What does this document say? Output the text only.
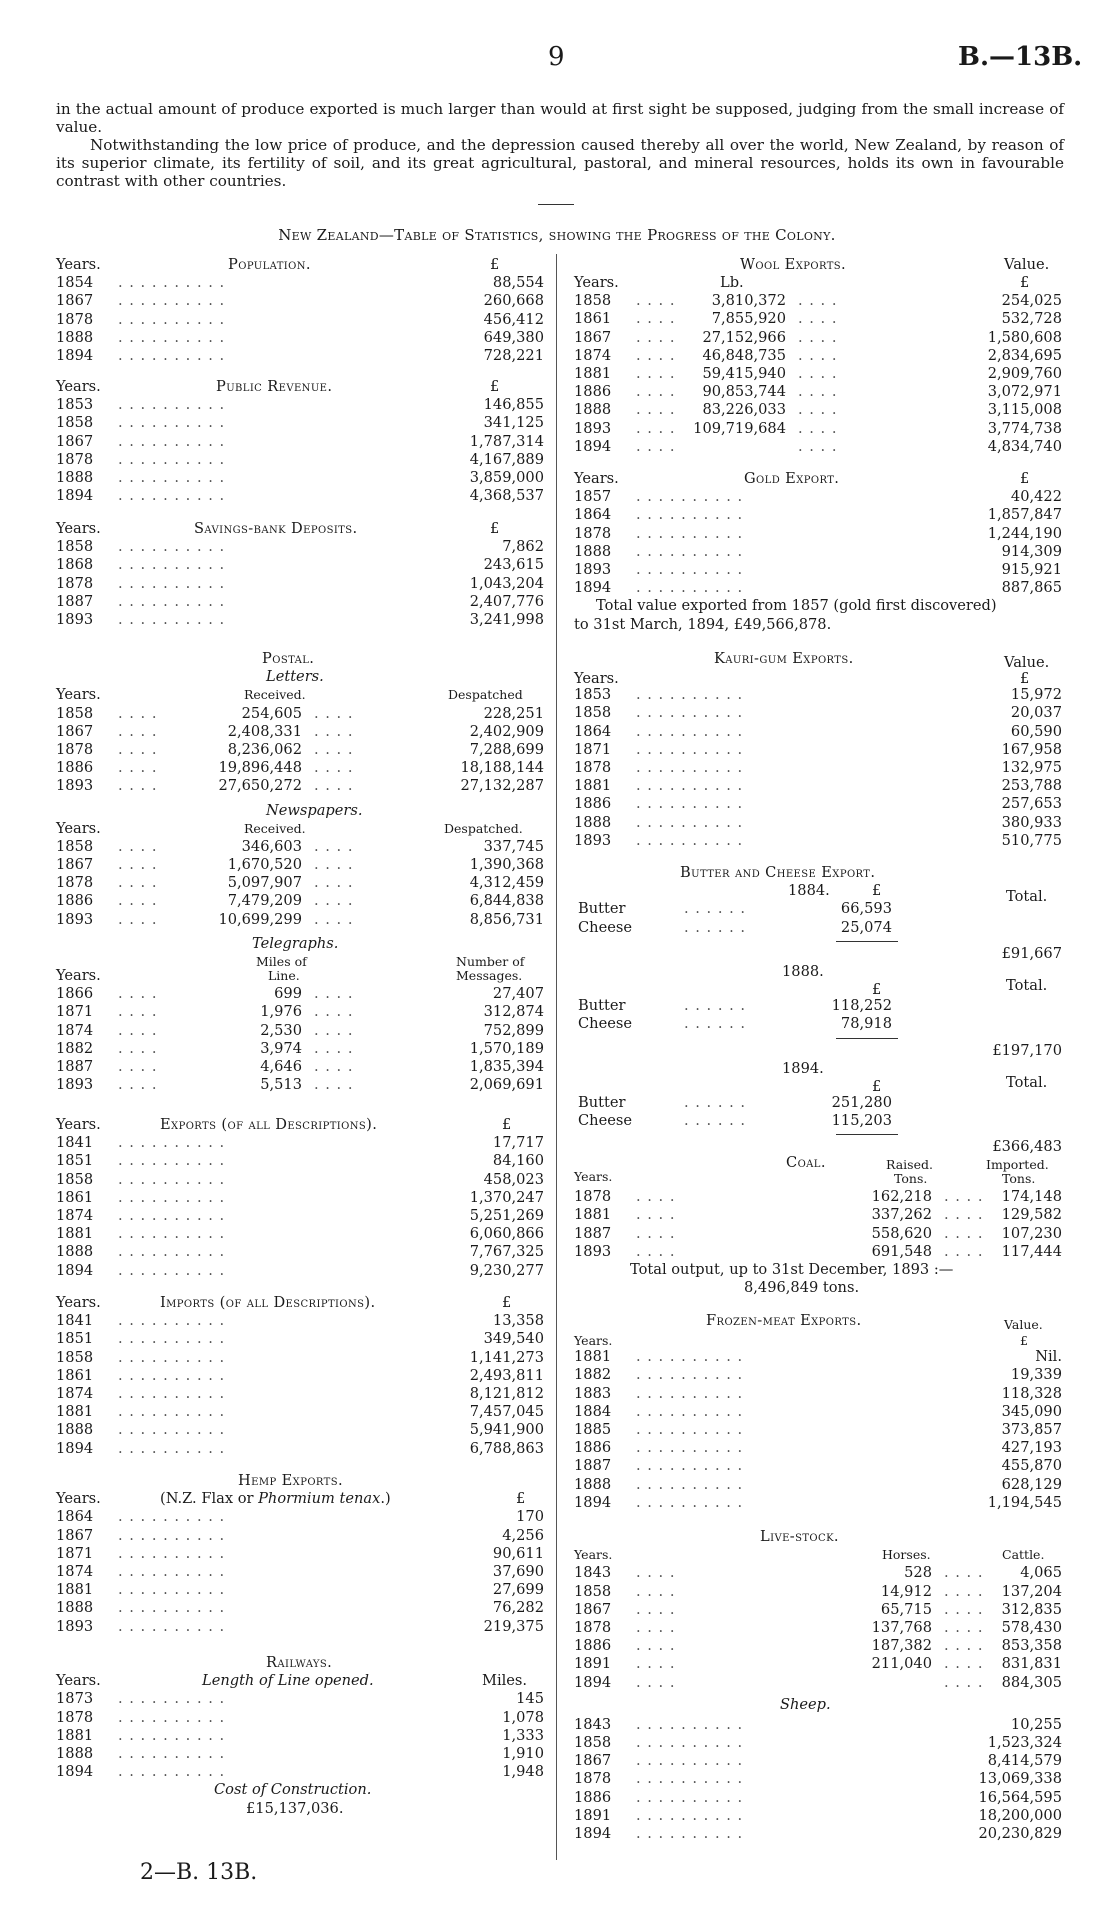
9	B.—13B.

in the actual amount of produce exported is much larger than would at first sight be supposed, judging from the small increase of value.

Notwithstanding the low price of produce, and the depression caused thereby all over the world, New Zealand, by reason of its superior climate, its fertility of soil, and its great agricultural, pastoral, and mineral resources, holds its own in favourable contrast with other countries.

New Zealand—Table of Statistics, showing the Progress of the Colony.
Years.	Population.	£
1854 . . . . . . . . . .	88,554
1867 . . . . . . . . . .	260,668
1878 . . . . . . . . . .	456,412
1888 . . . . . . . . . .	649,380
1894 . . . . . . . . . .	728,221
Years.	Public Revenue.	£
1853 . . . . . . . . . .	146,855
1858 . . . . . . . . . .	341,125
1867 . . . . . . . . . .	1,787,314
1878 . . . . . . . . . .	4,167,889
1888 . . . . . . . . . .	3,859,000
1894 . . . . . . . . . .	4,368,537
Years.	Savings-bank Deposits.	£
1858 . . . . . . . . . .	7,862
1868 . . . . . . . . . .	243,615
1878 . . . . . . . . . .	1,043,204
1887 . . . . . . . . . .	2,407,776
1893 . . . . . . . . . .	3,241,998
Postal.
Letters.
Years.	Received.	Despatched
1858 . . . .	254,605 . . . .	228,251
1867 . . . .	2,408,331 . . . .	2,402,909
1878 . . . .	8,236,062 . . . .	7,288,699
1886 . . . .	19,896,448 . . . .	18,188,144
1893 . . . .	27,650,272 . . . .	27,132,287
Newspapers.
Years.	Received.	Despatched.
1858 . . . .	346,603 . . . .	337,745
1867 . . . .	1,670,520 . . . .	1,390,368
1878 . . . .	5,097,907 . . . .	4,312,459
1886 . . . .	7,479,209 . . . .	6,844,838
1893 . . . .	10,699,299 . . . .	8,856,731
Telegraphs.
Miles of	Number of
Years.	Line.	Messages.
1866 . . . .	699 . . . .	27,407
1871 . . . .	1,976 . . . .	312,874
1874 . . . .	2,530 . . . .	752,899
1882 . . . .	3,974 . . . .	1,570,189
1887 . . . .	4,646 . . . .	1,835,394
1893 . . . .	5,513 . . . .	2,069,691
Years.	Exports (of all Descriptions).	£
1841 . . . . . . . . . .	17,717
1851 . . . . . . . . . .	84,160
1858 . . . . . . . . . .	458,023
1861 . . . . . . . . . .	1,370,247
1874 . . . . . . . . . .	5,251,269
1881 . . . . . . . . . .	6,060,866
1888 . . . . . . . . . .	7,767,325
1894 . . . . . . . . . .	9,230,277
Years.	Imports (of all Descriptions).	£
1841 . . . . . . . . . .	13,358
1851 . . . . . . . . . .	349,540
1858 . . . . . . . . . .	1,141,273
1861 . . . . . . . . . .	2,493,811
1874 . . . . . . . . . .	8,121,812
1881 . . . . . . . . . .	7,457,045
1888 . . . . . . . . . .	5,941,900
1894 . . . . . . . . . .	6,788,863
Hemp Exports.
Years.	(N.Z. Flax or Phormium tenax.)	£
1864 . . . . . . . . . .	170
1867 . . . . . . . . . .	4,256
1871 . . . . . . . . . .	90,611
1874 . . . . . . . . . .	37,690
1881 . . . . . . . . . .	27,699
1888 . . . . . . . . . .	76,282
1893 . . . . . . . . . .	219,375
Railways.
Years.	Length of Line opened.	Miles.
1873 . . . . . . . . . .	145
1878 . . . . . . . . . .	1,078
1881 . . . . . . . . . .	1,333
1888 . . . . . . . . . .	1,910
1894 . . . . . . . . . .	1,948
Cost of Construction.
£15,137,036.
Wool Exports.	Value.
Years.	Lb.	£
1858 . . . . 3,810,372 . . . .	254,025
1861 . . . . 7,855,920 . . . .	532,728
1867 . . . . 27,152,966 . . . .	1,580,608
1874 . . . . 46,848,735 . . . .	2,834,695
1881 . . . . 59,415,940 . . . .	2,909,760
1886 . . . . 90,853,744 . . . .	3,072,971
1888 . . . . 83,226,033 . . . .	3,115,008
1893 . . . . 109,719,684 . . . .	3,774,738
1894 . . . .	. . . .	4,834,740
Years.	Gold Export.	£
1857 . . . . . . . . . .	40,422
1864 . . . . . . . . . .	1,857,847
1878 . . . . . . . . . .	1,244,190
1888 . . . . . . . . . .	914,309
1893 . . . . . . . . . .	915,921
1894 . . . . . . . . . .	887,865
Total value exported from 1857 (gold first discovered)
to 31st March, 1894, £49,566,878.
Kauri-gum Exports.	Value.
Years.	£
1853 . . . . . . . . . .	15,972
1858 . . . . . . . . . .	20,037
1864 . . . . . . . . . .	60,590
1871 . . . . . . . . . .	167,958
1878 . . . . . . . . . .	132,975
1881 . . . . . . . . . .	253,788
1886 . . . . . . . . . .	257,653
1888 . . . . . . . . . .	380,933
1893 . . . . . . . . . .	510,775
Butter and Cheese Export.
1884.	£	Total.
Butter	. . . . . .	66,593
Cheese	. . . . . .	25,074
£91,667
1888.
£	Total.
Butter	. . . . . .	118,252
Cheese	. . . . . .	78,918
£197,170
1894.
£	Total.
Butter	. . . . . .	251,280
Cheese	. . . . . .	115,203
£366,483
Coal.	Raised.	Imported.
Years.	Tons.	Tons.
1878 . . . .	162,218 . . . . 174,148
1881 . . . .	337,262 . . . . 129,582
1887 . . . .	558,620 . . . . 107,230
1893 . . . .	691,548 . . . . 117,444
Total output, up to 31st December, 1893 :—
8,496,849 tons.
Frozen-meat Exports.	Value.
Years.	£
1881 . . . . . . . . . .	Nil.
1882 . . . . . . . . . .	19,339
1883 . . . . . . . . . .	118,328
1884 . . . . . . . . . .	345,090
1885 . . . . . . . . . .	373,857
1886 . . . . . . . . . .	427,193
1887 . . . . . . . . . .	455,870
1888 . . . . . . . . . .	628,129
1894 . . . . . . . . . .	1,194,545
Live-stock.
Years.	Horses.	Cattle.
1843 . . . .	528 . . . .	4,065
1858 . . . .	14,912 . . . . 137,204
1867 . . . .	65,715 . . . . 312,835
1878 . . . .	137,768 . . . . 578,430
1886 . . . .	187,382 . . . . 853,358
1891 . . . .	211,040 . . . . 831,831
1894 . . . .	. . . . 884,305
Sheep.
1843 . . . . . . . . . .	10,255
1858 . . . . . . . . . .	1,523,324
1867 . . . . . . . . . .	8,414,579
1878 . . . . . . . . . .	13,069,338
1886 . . . . . . . . . .	16,564,595
1891 . . . . . . . . . .	18,200,000
1894 . . . . . . . . . .	20,230,829
2—B. 13B.
